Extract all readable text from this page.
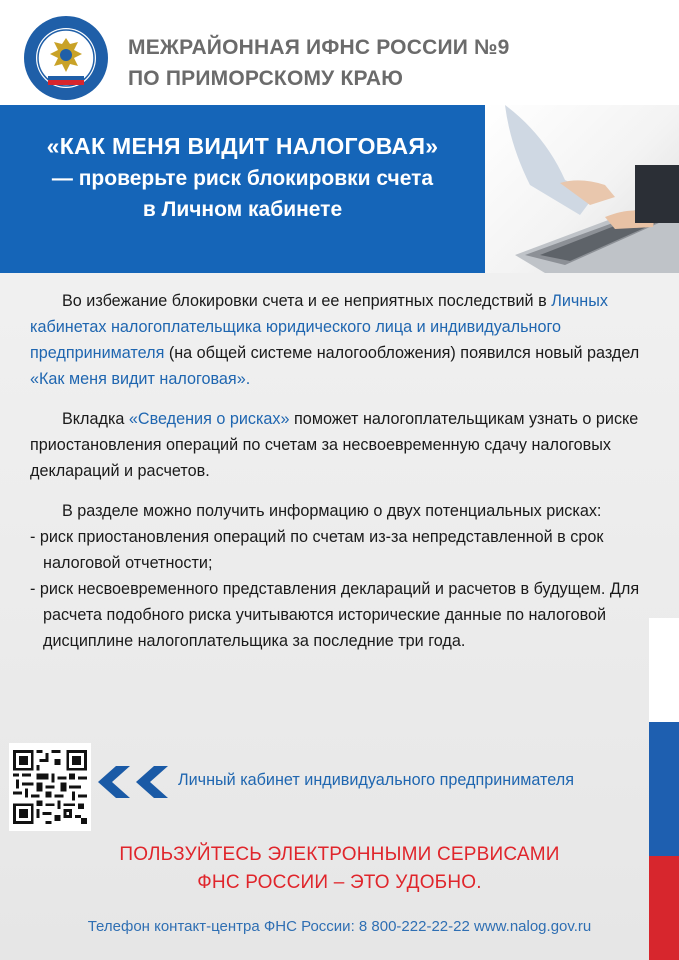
МЕЖРАЙОННАЯ ИФНС РОССИИ №9
ПО ПРИМОРСКОМУ КРАЮ
«КАК МЕНЯ ВИДИТ НАЛОГОВАЯ»
— проверьте риск блокировки счета
в Личном кабинете

Во избежание блокировки счета и ее неприятных последствий в Личных кабинетах налогоплательщика юридического лица и индивидуального предпринимателя (на общей системе налогообложения) появился новый раздел «Как меня видит налоговая».

Вкладка «Сведения о рисках» поможет налогоплательщикам узнать о риске приостановления операций по счетам за несвоевременную сдачу налоговых деклараций и расчетов.

В разделе можно получить информацию о двух потенциальных рисках:

- риск приостановления операций по счетам из-за непредставленной в срок налоговой отчетности;

- риск несвоевременного представления деклараций и расчетов в будущем. Для расчета подобного риска учитываются исторические данные по налоговой дисциплине налогоплательщика за последние три года.

Личный кабинет индивидуального предпринимателя
ПОЛЬЗУЙТЕСЬ ЭЛЕКТРОННЫМИ СЕРВИСАМИ
ФНС РОССИИ – ЭТО УДОБНО.
Телефон контакт-центра ФНС России: 8 800-222-22-22 www.nalog.gov.ru
